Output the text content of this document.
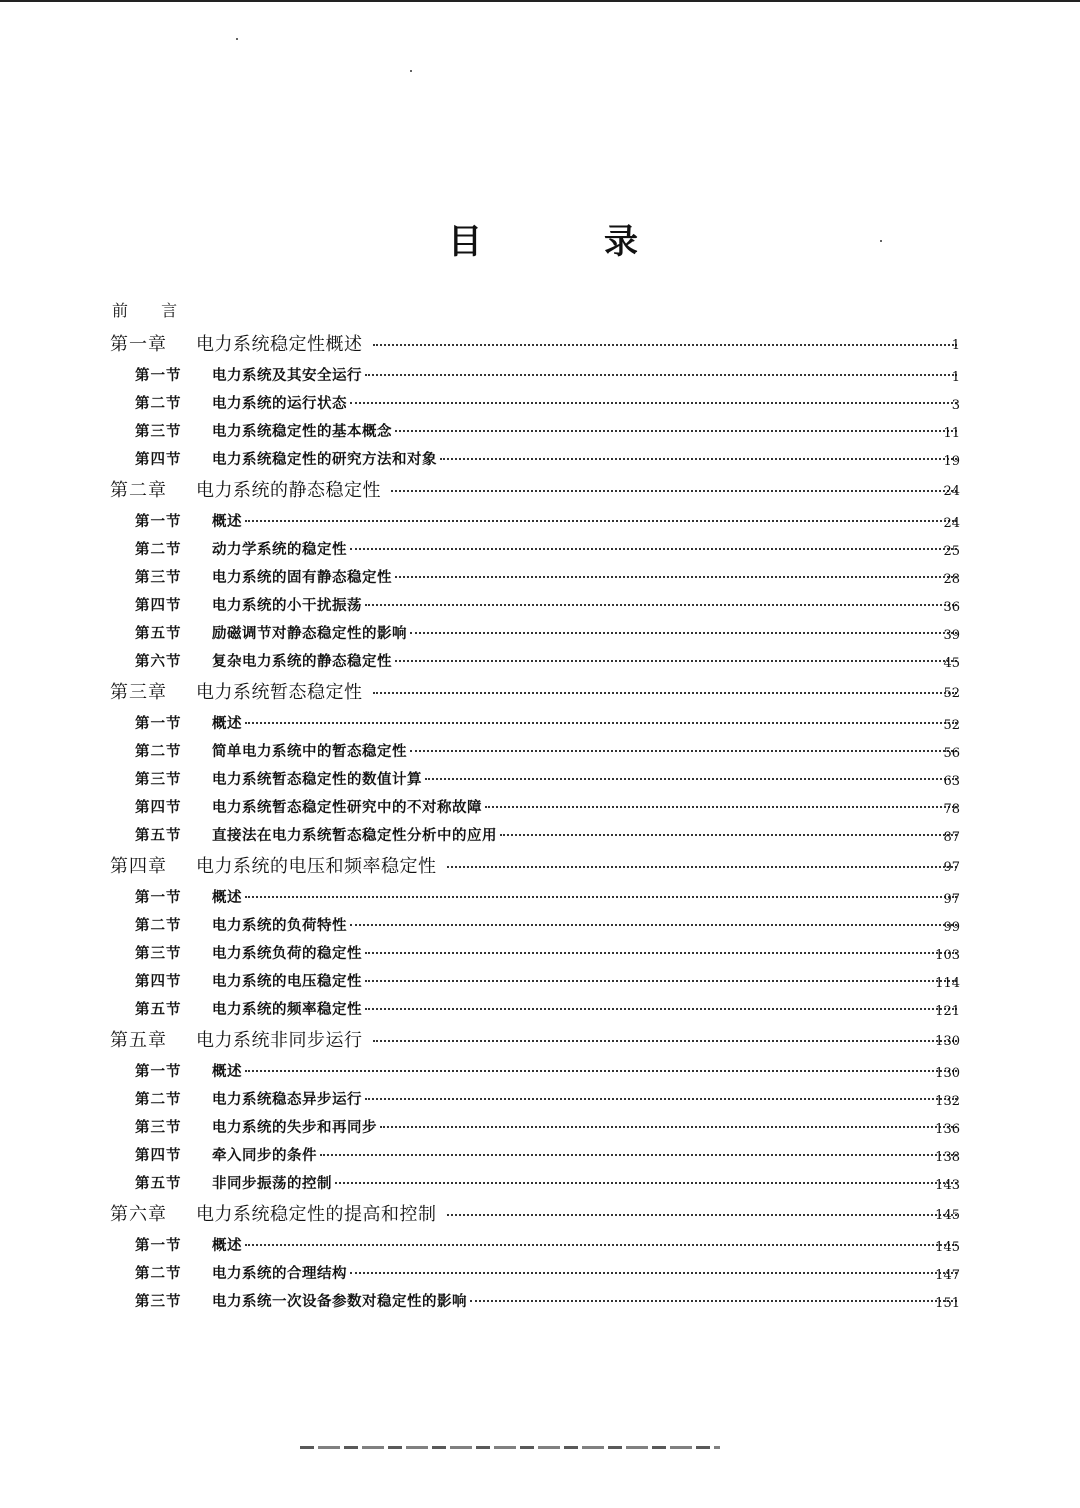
目	录
前 言
第一章 电力系统稳定性概述	1
第一节 电力系统及其安全运行	1
第二节 电力系统的运行状态	3
第三节 电力系统稳定性的基本概念	11
第四节 电力系统稳定性的研究方法和对象	19
第二章 电力系统的静态稳定性	24
第一节 概述	24
第二节 动力学系统的稳定性	25
第三节 电力系统的固有静态稳定性	28
第四节 电力系统的小干扰振荡	36
第五节 励磁调节对静态稳定性的影响	39
第六节 复杂电力系统的静态稳定性	45
第三章 电力系统暂态稳定性	52
第一节 概述	52
第二节 简单电力系统中的暂态稳定性	56
第三节 电力系统暂态稳定性的数值计算	63
第四节 电力系统暂态稳定性研究中的不对称故障	78
第五节 直接法在电力系统暂态稳定性分析中的应用	87
第四章 电力系统的电压和频率稳定性	97
第一节 概述	97
第二节 电力系统的负荷特性	99
第三节 电力系统负荷的稳定性	103
第四节 电力系统的电压稳定性	114
第五节 电力系统的频率稳定性	121
第五章 电力系统非同步运行	130
第一节 概述	130
第二节 电力系统稳态异步运行	132
第三节 电力系统的失步和再同步	136
第四节 牵入同步的条件	138
第五节 非同步振荡的控制	143
第六章 电力系统稳定性的提高和控制	145
第一节 概述	145
第二节 电力系统的合理结构	147
第三节 电力系统一次设备参数对稳定性的影响	151
